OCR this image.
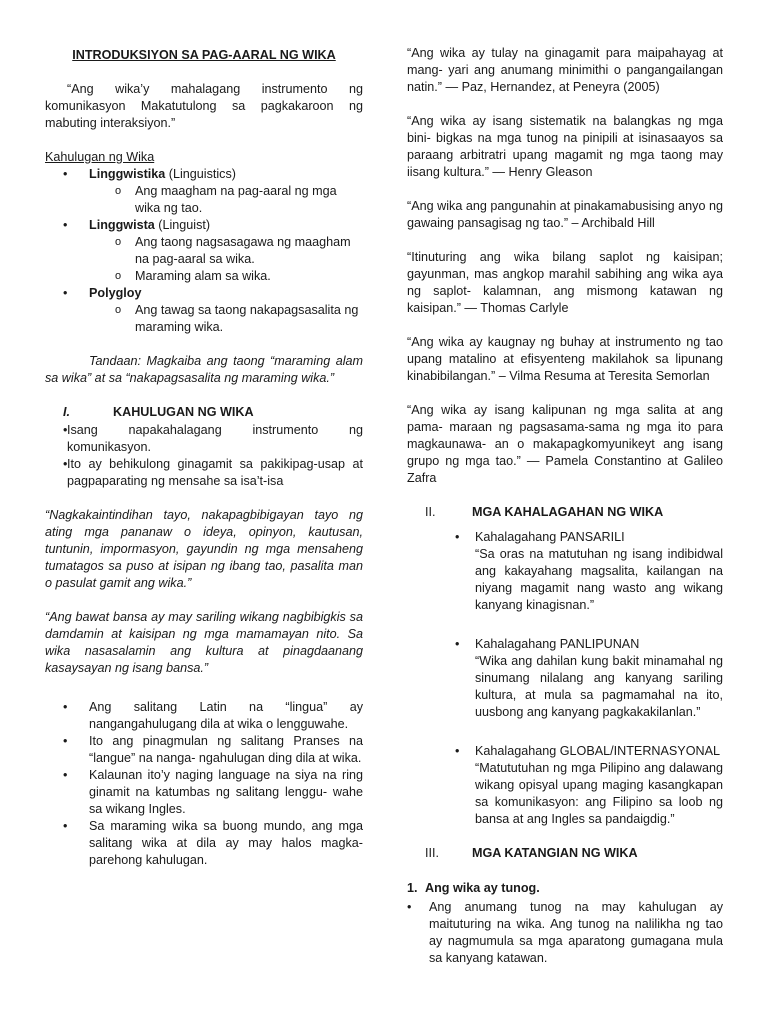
INTRODUKSIYON SA PAG-AARAL NG WIKA
“Ang wika’y mahalagang instrumento ng komunikasyon Makatutulong sa pagkakaroon ng mabuting interaksiyon.”
Kahulugan ng Wika
• Linggwistika (Linguistics)
o Ang maagham na pag-aaral ng mga wika ng tao.
• Linggwista (Linguist)
o Ang taong nagsasagawa ng maagham na pag-aaral sa wika.
o Maraming alam sa wika.
• Polygloy
o Ang tawag sa taong nakapagsasalita ng maraming wika.
Tandaan: Magkaiba ang taong “maraming alam sa wika” at sa “nakapagsasalita ng maraming wika.”
I.	KAHULUGAN NG WIKA
• Isang napakahalagang instrumento ng komunikasyon.
• Ito ay behikulong ginagamit sa pakikipag-usap at pagpaparating ng mensahe sa isa’t-isa
“Nagkakaintindihan tayo, nakapagbibigayan tayo ng ating mga pananaw o ideya, opinyon, kautusan, tuntunin, impormasyon, gayundin ng mga mensaheng tumatagos sa puso at isipan ng ibang tao, pasalita man o pasulat gamit ang wika.”
“Ang bawat bansa ay may sariling wikang nagbibigkis sa damdamin at kaisipan ng mga mamamayan nito. Sa wika nasasalamin ang kultura at pinagdaanang kasaysayan ng isang bansa.”
• Ang salitang Latin na “lingua” ay nangangahulugang dila at wika o lengguwahe.
• Ito ang pinagmulan ng salitang Pranses na “langue” na nanga- ngahulugan ding dila at wika.
• Kalaunan ito’y naging language na siya na ring ginamit na katumbas ng salitang lenggu- wahe sa wikang Ingles.
• Sa maraming wika sa buong mundo, ang mga salitang wika at dila ay may halos magka- parehong kahulugan.
“Ang wika ay tulay na ginagamit para maipahayag at mang- yari ang anumang minimithi o pangangailangan natin.” — Paz, Hernandez, at Peneyra (2005)
“Ang wika ay isang sistematik na balangkas ng mga bini- bigkas na mga tunog na pinipili at isinasaayos sa paraang arbitratri upang magamit ng mga taong may iisang kultura.” — Henry Gleason
“Ang wika ang pangunahin at pinakamabusising anyo ng gawaing pansagisag ng tao.” – Archibald Hill
“Itinuturing ang wika bilang saplot ng kaisipan; gayunman, mas angkop marahil sabihing ang wika aya ng saplot- kalamnan, ang mismong katawan ng kaisipan.” — Thomas Carlyle
“Ang wika ay kaugnay ng buhay at instrumento ng tao upang matalino at efisyenteng makilahok sa lipunang kinabibilangan.” – Vilma Resuma at Teresita Semorlan
“Ang wika ay isang kalipunan ng mga salita at ang pama- maraan ng pagsasama-sama ng mga ito para magkaunawa- an o makapagkomyunikeyt ang isang grupo ng mga tao.” — Pamela Constantino at Galileo Zafra
II.	MGA KAHALAGAHAN NG WIKA
• Kahalagahang PANSARILI
“Sa oras na matutuhan ng isang indibidwal ang kakayahang magsalita, kailangan na niyang magamit nang wasto ang wikang kanyang kinagisnan.”
• Kahalagahang PANLIPUNAN
“Wika ang dahilan kung bakit minamahal ng sinumang nilalang ang kanyang sariling kultura, at mula sa pagmamahal na ito, uusbong ang kanyang pagkakakilanlan.”
• Kahalagahang GLOBAL/INTERNASYONAL
“Matututuhan ng mga Pilipino ang dalawang wikang opisyal upang maging kasangkapan sa komunikasyon: ang Filipino sa loob ng bansa at ang Ingles sa pandaigdig.”
III.	MGA KATANGIAN NG WIKA
1. Ang wika ay tunog.
• Ang anumang tunog na may kahulugan ay maituturing na wika. Ang tunog na nalilikha ng tao ay nagmumula sa mga aparatong gumagana mula sa kanyang katawan.
